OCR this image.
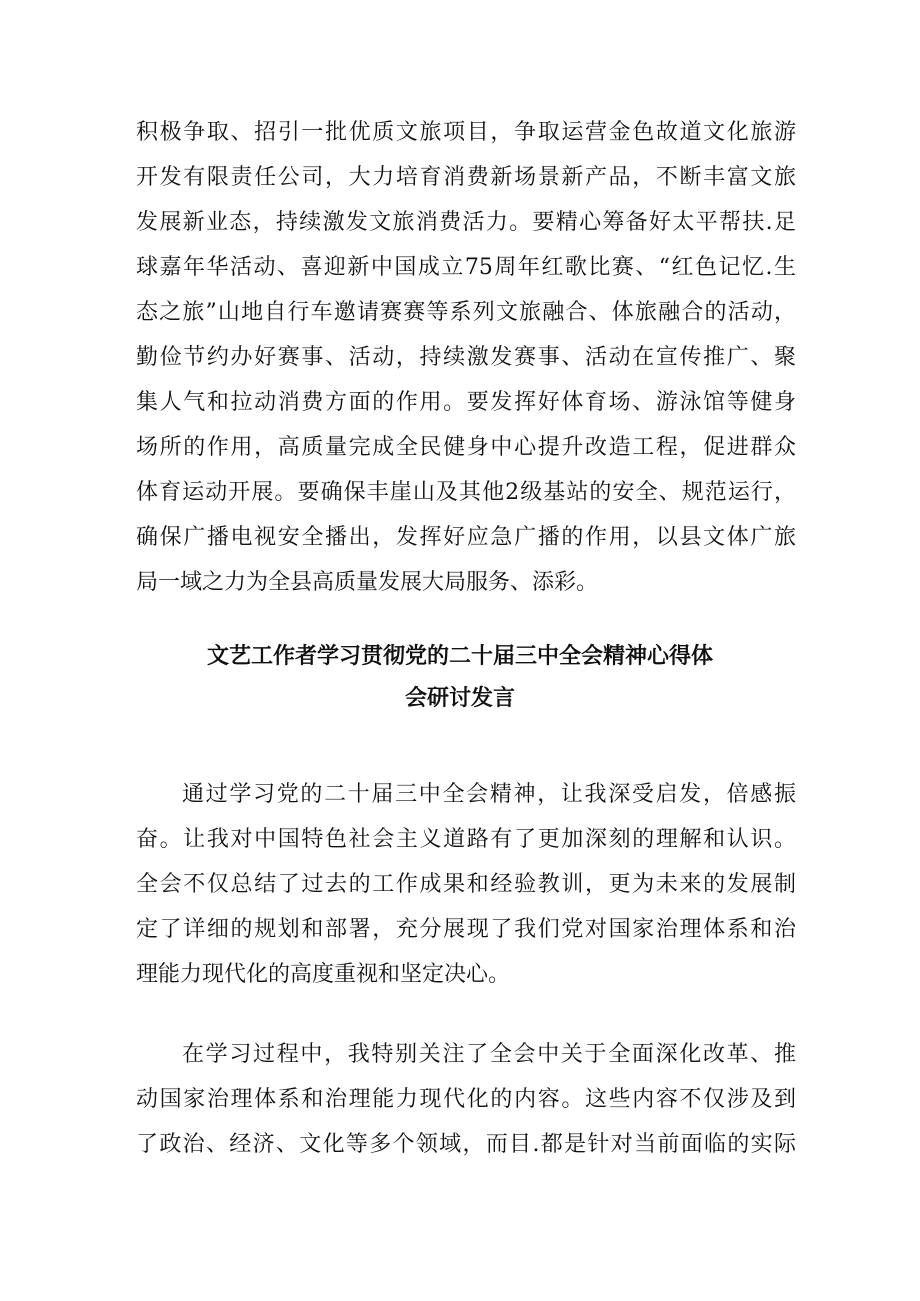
积极争取、招引一批优质文旅项目，争取运营金色故道文化旅游
开发有限责任公司，大力培育消费新场景新产品，不断丰富文旅
发展新业态，持续激发文旅消费活力。要精心筹备好太平帮扶.足
球嘉年华活动、喜迎新中国成立75周年红歌比赛、“红色记忆.生
态之旅”山地自行车邀请赛赛等系列文旅融合、体旅融合的活动，
勤俭节约办好赛事、活动，持续激发赛事、活动在宣传推广、聚
集人气和拉动消费方面的作用。要发挥好体育场、游泳馆等健身
场所的作用，高质量完成全民健身中心提升改造工程，促进群众
体育运动开展。要确保丰崖山及其他2级基站的安全、规范运行，
确保广播电视安全播出，发挥好应急广播的作用，以县文体广旅
局一域之力为全县高质量发展大局服务、添彩。
文艺工作者学习贯彻党的二十届三中全会精神心得体
会研讨发言
通过学习党的二十届三中全会精神，让我深受启发，倍感振
奋。让我对中国特色社会主义道路有了更加深刻的理解和认识。
全会不仅总结了过去的工作成果和经验教训，更为未来的发展制
定了详细的规划和部署，充分展现了我们党对国家治理体系和治
理能力现代化的高度重视和坚定决心。
在学习过程中，我特别关注了全会中关于全面深化改革、推
动国家治理体系和治理能力现代化的内容。这些内容不仅涉及到
了政治、经济、文化等多个领域，而目.都是针对当前面临的实际
